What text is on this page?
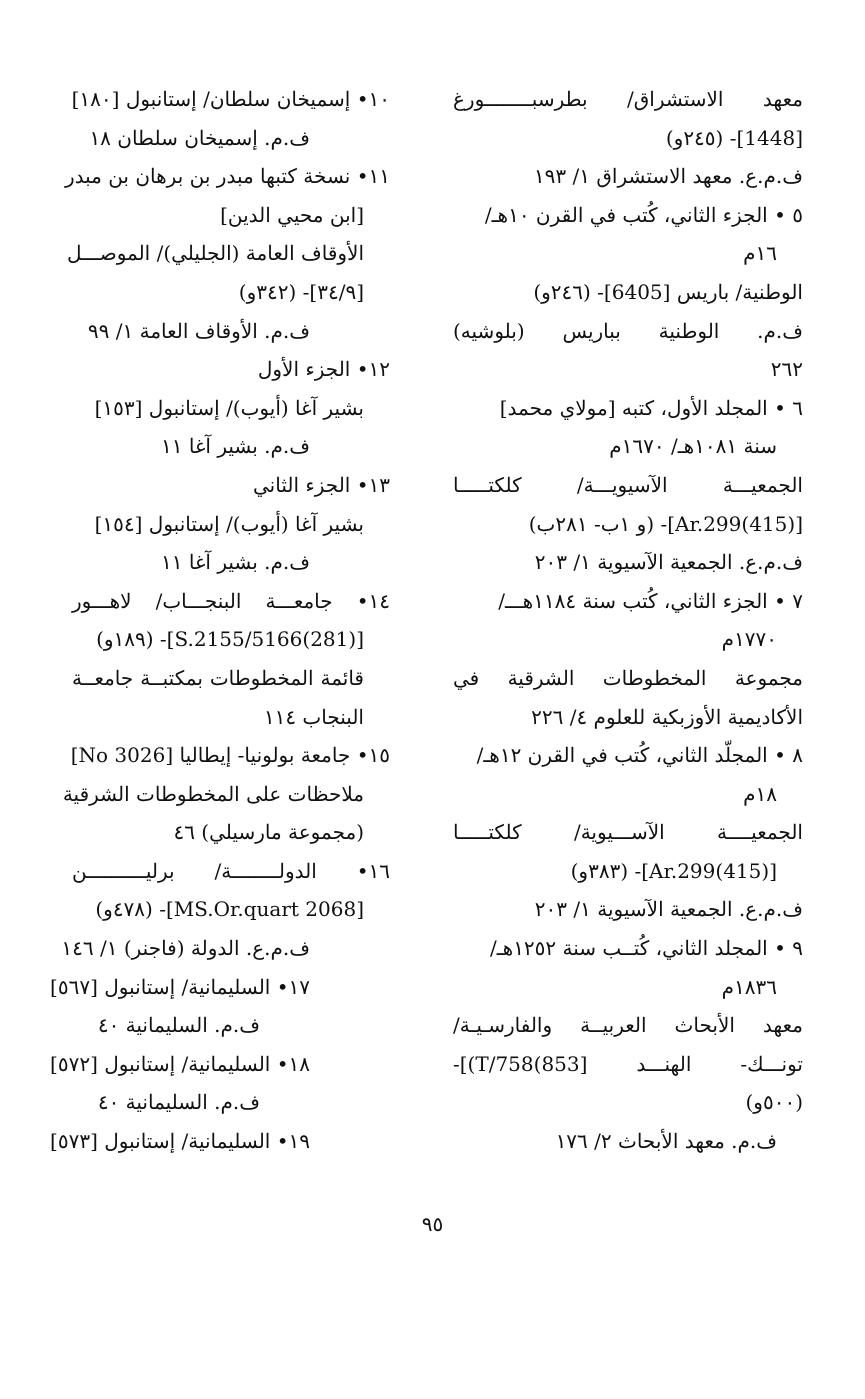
معهد الاستشراق/ بطرسبــــــــورغ
[1448]- (٢٤٥و)
ف.م.ع. معهد الاستشراق ١/ ١٩٣
٥ • الجزء الثاني، كُتب في القرن ١٠هـ/
١٦م
الوطنية/ باريس [6405]- (٢٤٦و)
ف.م. الوطنية بباريس (بلوشيه)
٢٦٢
٦ • المجلد الأول، كتبه [مولاي محمد]
سنة ١٠٨١هـ/ ١٦٧٠م
الجمعيـــة الآسيويـــة/ كلكتـــــا
[(415)Ar.299]- (و ١ب- ٢٨١ب)
ف.م.ع. الجمعية الآسيوية ١/ ٢٠٣
٧ • الجزء الثاني، كُتب سنة ١١٨٤هـــ/
١٧٧٠م
مجموعة المخطوطات الشرقية في
الأكاديمية الأوزبكية للعلوم ٤/ ٢٢٦
٨ • المجلّد الثاني، كُتب في القرن ١٢هـ/
١٨م
الجمعيــــة الآســـيوية/ كلكتـــــا
[(415)Ar.299]- (٣٨٣و)
ف.م.ع. الجمعية الآسيوية ١/ ٢٠٣
٩ • المجلد الثاني، كُتــب سنة ١٢٥٢هـ/
١٨٣٦م
معهد الأبحاث العربيــة والفارسـيـة/
تونـــك- الهنـــد [853)T/758)]-
(٥٠٠و)
ف.م. معهد الأبحاث ٢/ ١٧٦
١٠• إسميخان سلطان/ إستانبول [١٨٠]
ف.م. إسميخان سلطان ١٨
١١• نسخة كتبها مبدر بن برهان بن مبدر
[ابن محيي الدين]
الأوقاف العامة (الجليلي)/ الموصـــل
[٣٤/٩]- (٣٤٢و)
ف.م. الأوقاف العامة ١/ ٩٩
١٢• الجزء الأول
بشير آغا (أيوب)/ إستانبول [١٥٣]
ف.م. بشير آغا ١١
١٣• الجزء الثاني
بشير آغا (أيوب)/ إستانبول [١٥٤]
ف.م. بشير آغا ١١
١٤• جامعـــة البنجـــاب/ لاهـــور
[(281)S.2155/5166]- (١٨٩و)
قائمة المخطوطات بمكتبــة جامعــة
البنجاب ١١٤
١٥• جامعة بولونيا- إيطاليا [No 3026]
ملاحظات على المخطوطات الشرقية
(مجموعة مارسيلي) ٤٦
١٦• الدولــــــــة/ برليــــــــــن
[MS.Or.quart 2068]- (٤٧٨و)
ف.م.ع. الدولة (فاجنر) ١/ ١٤٦
١٧• السليمانية/ إستانبول [٥٦٧]
ف.م. السليمانية ٤٠
١٨• السليمانية/ إستانبول [٥٧٢]
ف.م. السليمانية ٤٠
١٩• السليمانية/ إستانبول [٥٧٣]
٩٥
